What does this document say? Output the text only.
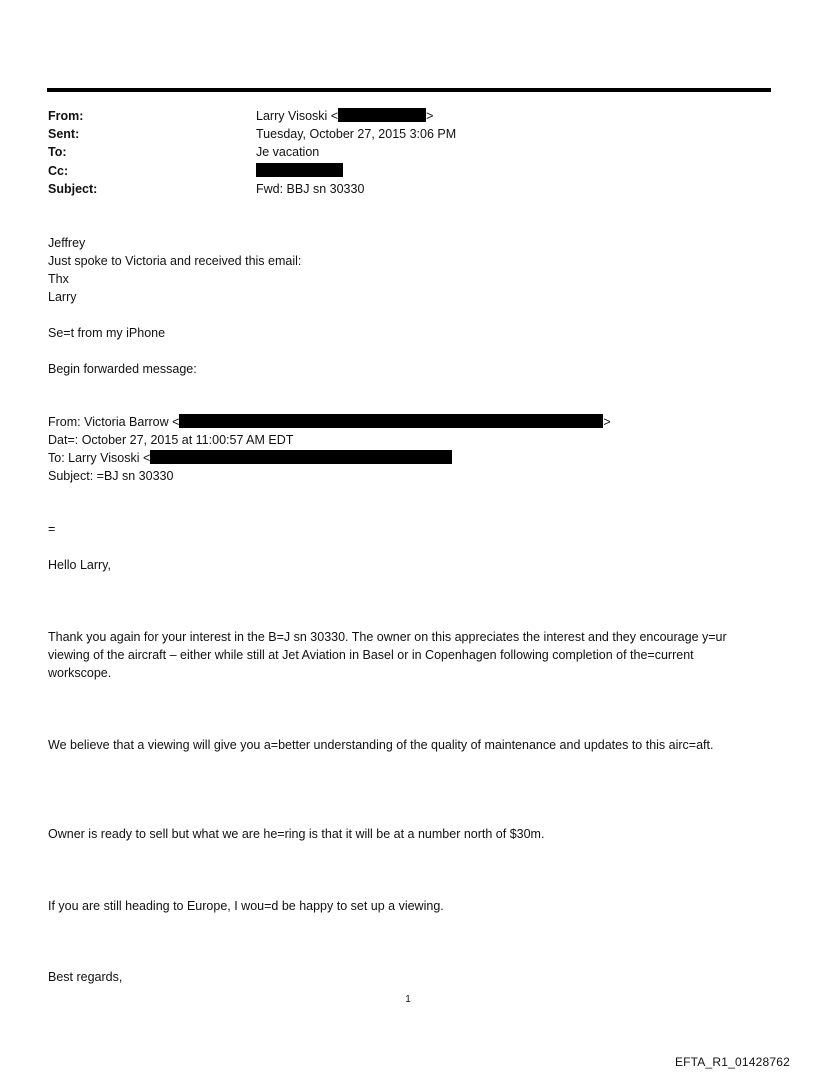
From:	Larry Visoski <	>
Sent:	Tuesday, October 27, 2015 3:06 PM
To:	Je vacation
Cc:
Subject:	Fwd: BBJ sn 30330
Jeffrey
Just spoke to Victoria and received this email:
Thx
Larry
Se=t from my iPhone
Begin forwarded message:
From: Victoria Barrow <	>
Dat=: October 27, 2015 at 11:00:57 AM EDT
To: Larry Visoski <
Subject: =BJ sn 30330
=
Hello Larry,
Thank you again for your interest in the B=J sn 30330. The owner on this appreciates the interest and they encourage y=ur viewing of the aircraft – either while still at Jet Aviation in Basel or in Copenhagen following completion of the=current workscope.
We believe that a viewing will give you a=better understanding of the quality of maintenance and updates to this airc=aft.
Owner is ready to sell but what we are he=ring is that it will be at a number north of $30m.
If you are still heading to Europe, I wou=d be happy to set up a viewing.
Best regards,
1
EFTA_R1_01428762
